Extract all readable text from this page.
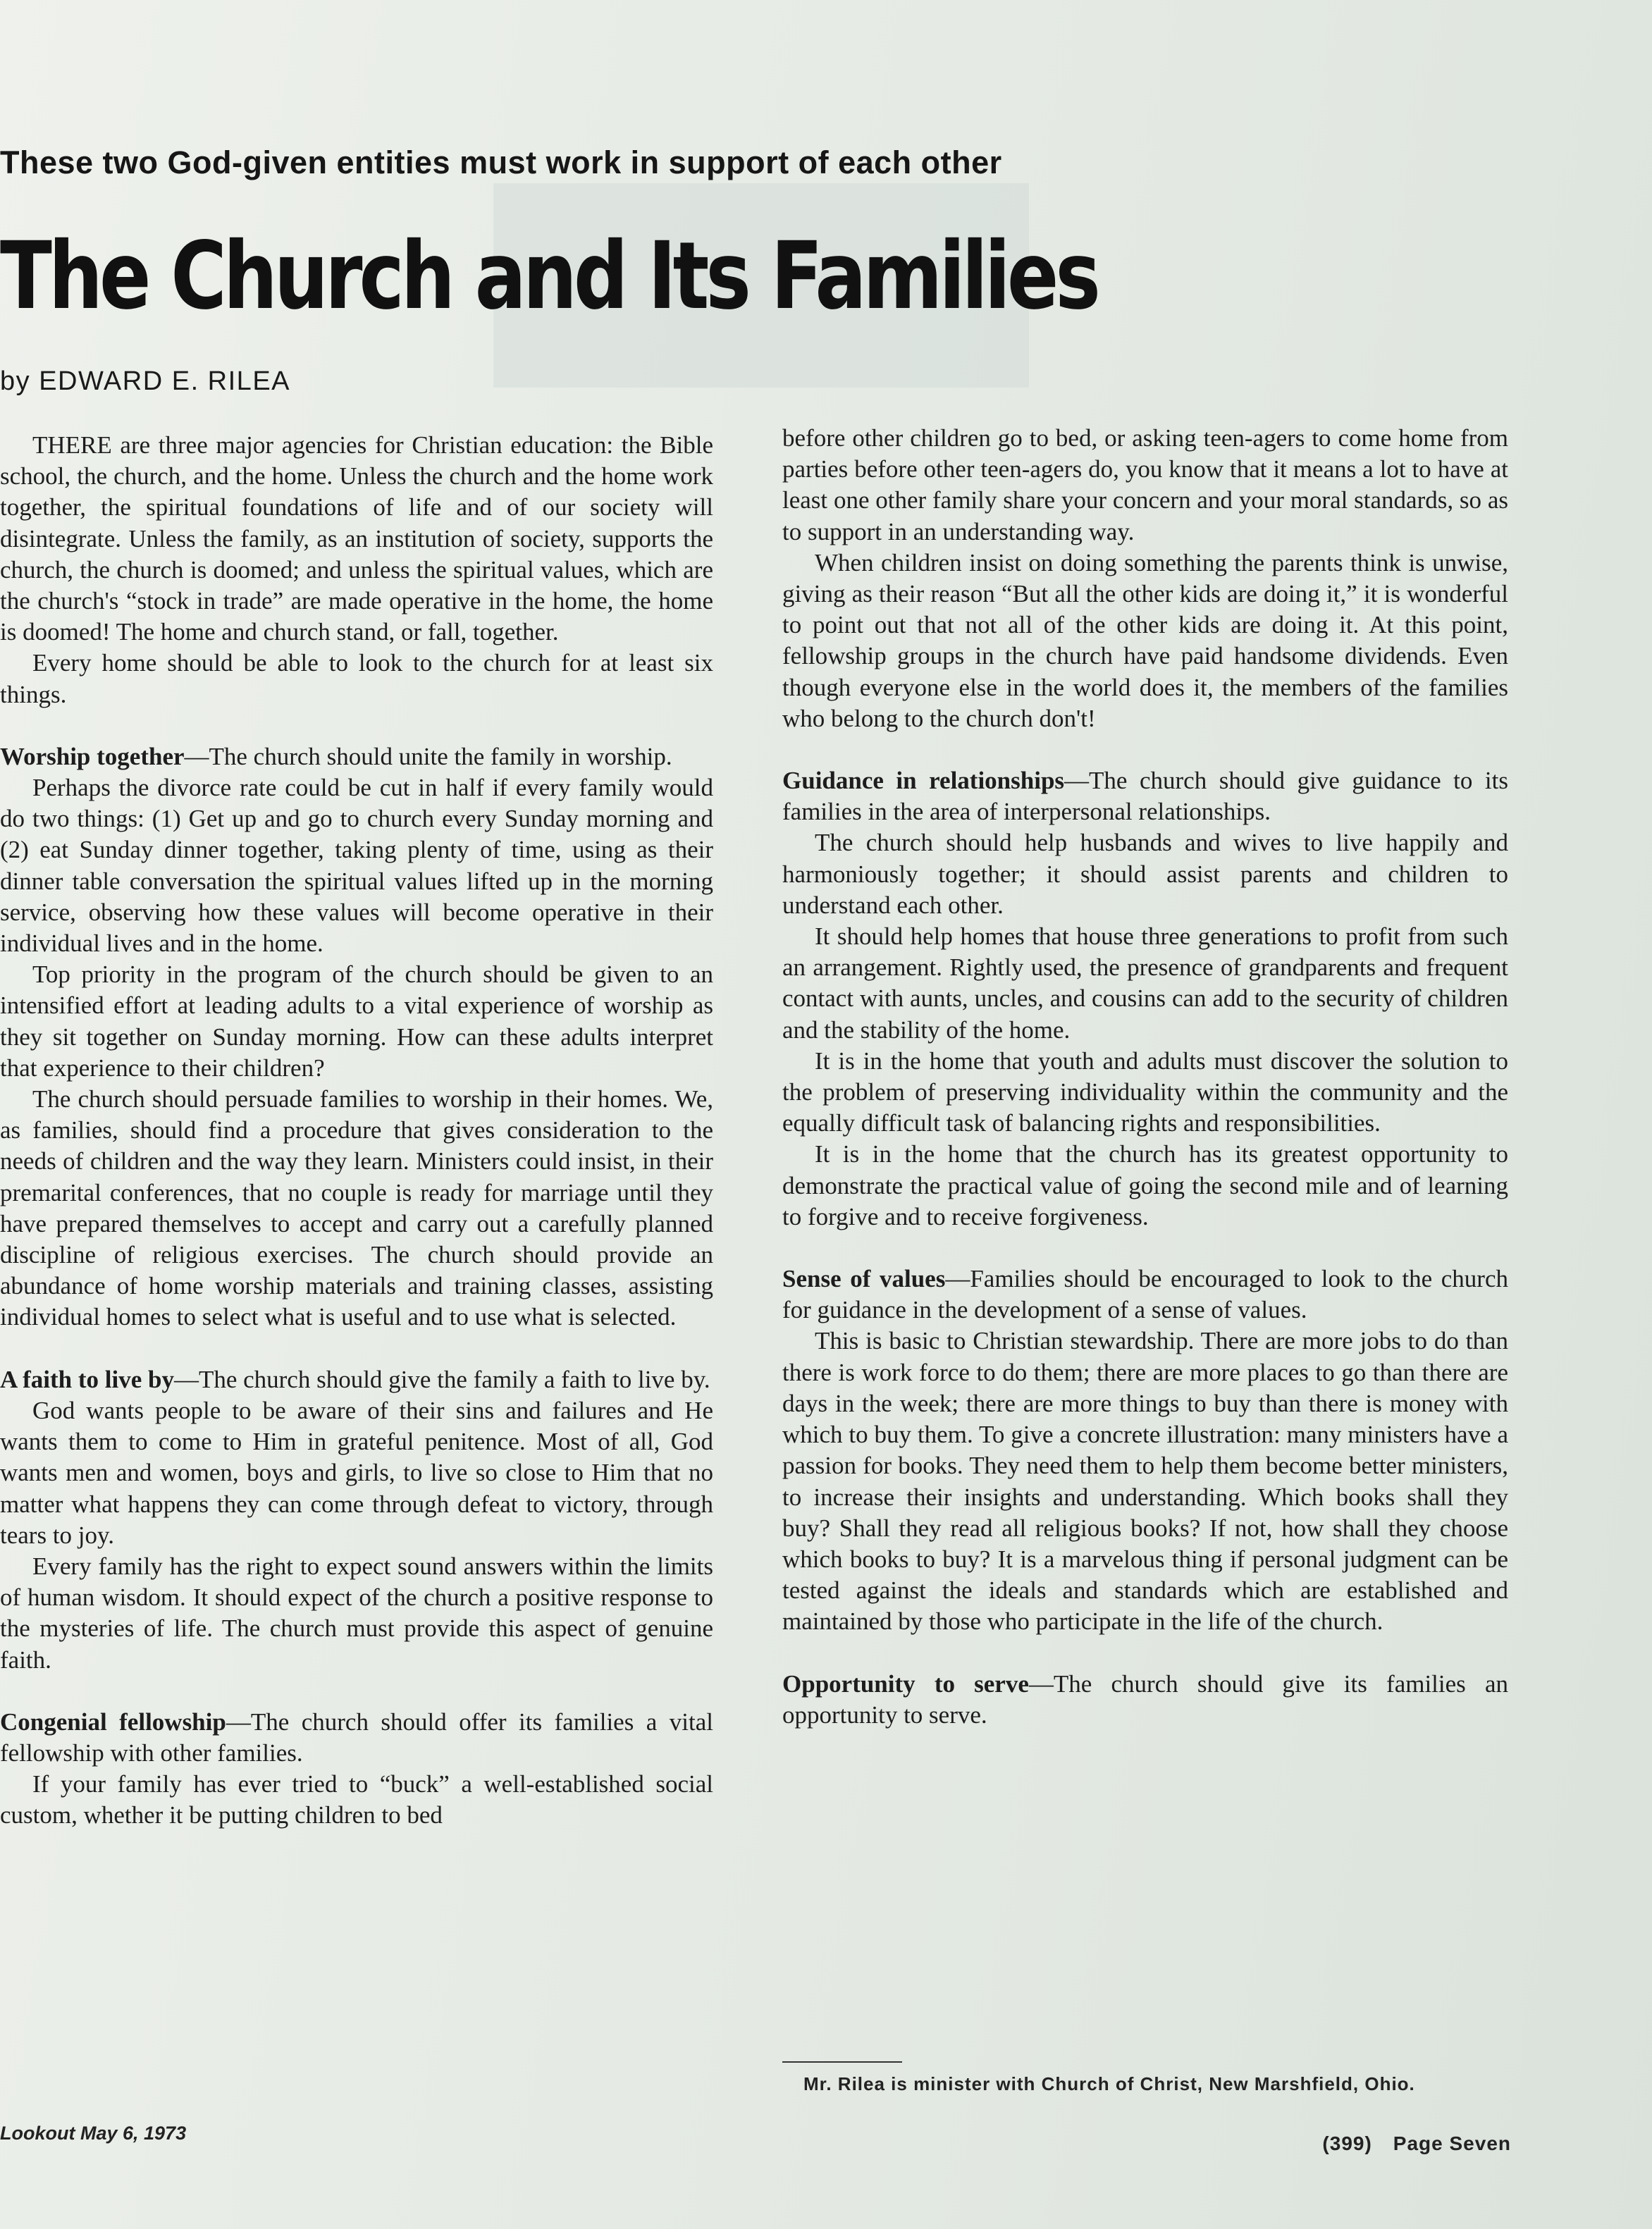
These two God-given entities must work in support of each other
The Church and Its Families
by EDWARD E. RILEA

THERE are three major agencies for Christian education: the Bible school, the church, and the home. Unless the church and the home work together, the spiritual foundations of life and of our society will disintegrate. Unless the family, as an institution of society, supports the church, the church is doomed; and unless the spiritual values, which are the church's “stock in trade” are made operative in the home, the home is doomed! The home and church stand, or fall, together.

Every home should be able to look to the church for at least six things.

Worship together—The church should unite the family in worship.

Perhaps the divorce rate could be cut in half if every family would do two things: (1) Get up and go to church every Sunday morning and (2) eat Sunday dinner together, taking plenty of time, using as their dinner table conversation the spiritual values lifted up in the morning service, observing how these values will become operative in their individual lives and in the home.

Top priority in the program of the church should be given to an intensified effort at leading adults to a vital experience of worship as they sit together on Sunday morning. How can these adults interpret that experience to their children?

The church should persuade families to worship in their homes. We, as families, should find a procedure that gives consideration to the needs of children and the way they learn. Ministers could insist, in their premarital conferences, that no couple is ready for marriage until they have prepared themselves to accept and carry out a carefully planned discipline of religious exercises. The church should provide an abundance of home worship materials and training classes, assisting individual homes to select what is useful and to use what is selected.

A faith to live by—The church should give the family a faith to live by.

God wants people to be aware of their sins and failures and He wants them to come to Him in grateful penitence. Most of all, God wants men and women, boys and girls, to live so close to Him that no matter what happens they can come through defeat to victory, through tears to joy.

Every family has the right to expect sound answers within the limits of human wisdom. It should expect of the church a positive response to the mysteries of life. The church must provide this aspect of genuine faith.

Congenial fellowship—The church should offer its families a vital fellowship with other families.

If your family has ever tried to “buck” a well-established social custom, whether it be putting children to bed

before other children go to bed, or asking teen-agers to come home from parties before other teen-agers do, you know that it means a lot to have at least one other family share your concern and your moral standards, so as to support in an understanding way.

When children insist on doing something the parents think is unwise, giving as their reason “But all the other kids are doing it,” it is wonderful to point out that not all of the other kids are doing it. At this point, fellowship groups in the church have paid handsome dividends. Even though everyone else in the world does it, the members of the families who belong to the church don't!

Guidance in relationships—The church should give guidance to its families in the area of interpersonal relationships.

The church should help husbands and wives to live happily and harmoniously together; it should assist parents and children to understand each other.

It should help homes that house three generations to profit from such an arrangement. Rightly used, the presence of grandparents and frequent contact with aunts, uncles, and cousins can add to the security of children and the stability of the home.

It is in the home that youth and adults must discover the solution to the problem of preserving individuality within the community and the equally difficult task of balancing rights and responsibilities.

It is in the home that the church has its greatest opportunity to demonstrate the practical value of going the second mile and of learning to forgive and to receive forgiveness.

Sense of values—Families should be encouraged to look to the church for guidance in the development of a sense of values.

This is basic to Christian stewardship. There are more jobs to do than there is work force to do them; there are more places to go than there are days in the week; there are more things to buy than there is money with which to buy them. To give a concrete illustration: many ministers have a passion for books. They need them to help them become better ministers, to increase their insights and understanding. Which books shall they buy? Shall they read all religious books? If not, how shall they choose which books to buy? It is a marvelous thing if personal judgment can be tested against the ideals and standards which are established and maintained by those who participate in the life of the church.

Opportunity to serve—The church should give its families an opportunity to serve.

Mr. Rilea is minister with Church of Christ, New Marshfield, Ohio.
Lookout May 6, 1973	(399) Page Seven
